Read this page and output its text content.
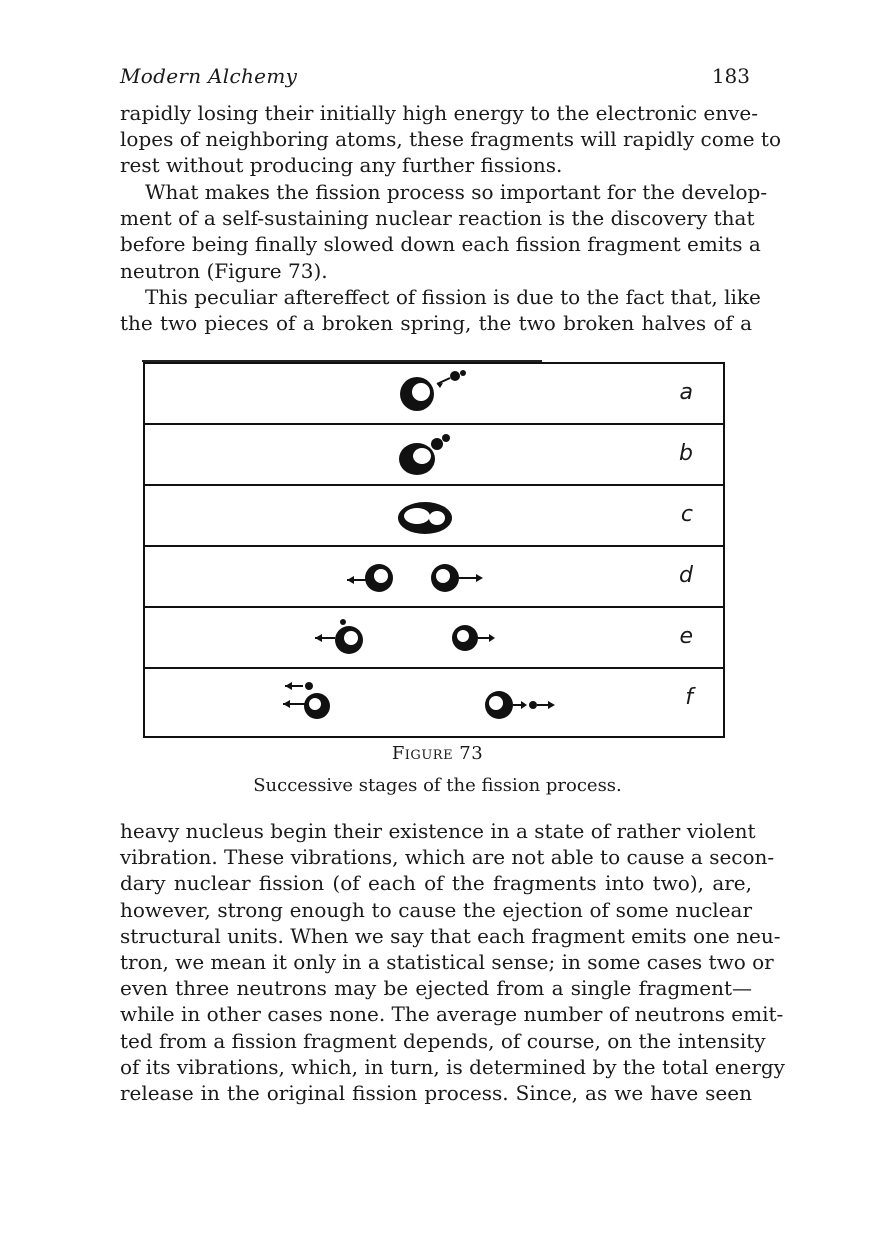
Modern Alchemy	183
rapidly losing their initially high energy to the electronic enve-
lopes of neighboring atoms, these fragments will rapidly come to
rest without producing any further fissions.
What makes the fission process so important for the develop-
ment of a self-sustaining nuclear reaction is the discovery that
before being finally slowed down each fission fragment emits a
neutron (Figure 73).
This peculiar aftereffect of fission is due to the fact that, like
the two pieces of a broken spring, the two broken halves of a
a
b
c
d
e
f
Figure 73
Successive stages of the fission process.
heavy nucleus begin their existence in a state of rather violent
vibration. These vibrations, which are not able to cause a secon-
dary nuclear fission (of each of the fragments into two), are,
however, strong enough to cause the ejection of some nuclear
structural units. When we say that each fragment emits one neu-
tron, we mean it only in a statistical sense; in some cases two or
even three neutrons may be ejected from a single fragment—
while in other cases none. The average number of neutrons emit-
ted from a fission fragment depends, of course, on the intensity
of its vibrations, which, in turn, is determined by the total energy
release in the original fission process. Since, as we have seen
